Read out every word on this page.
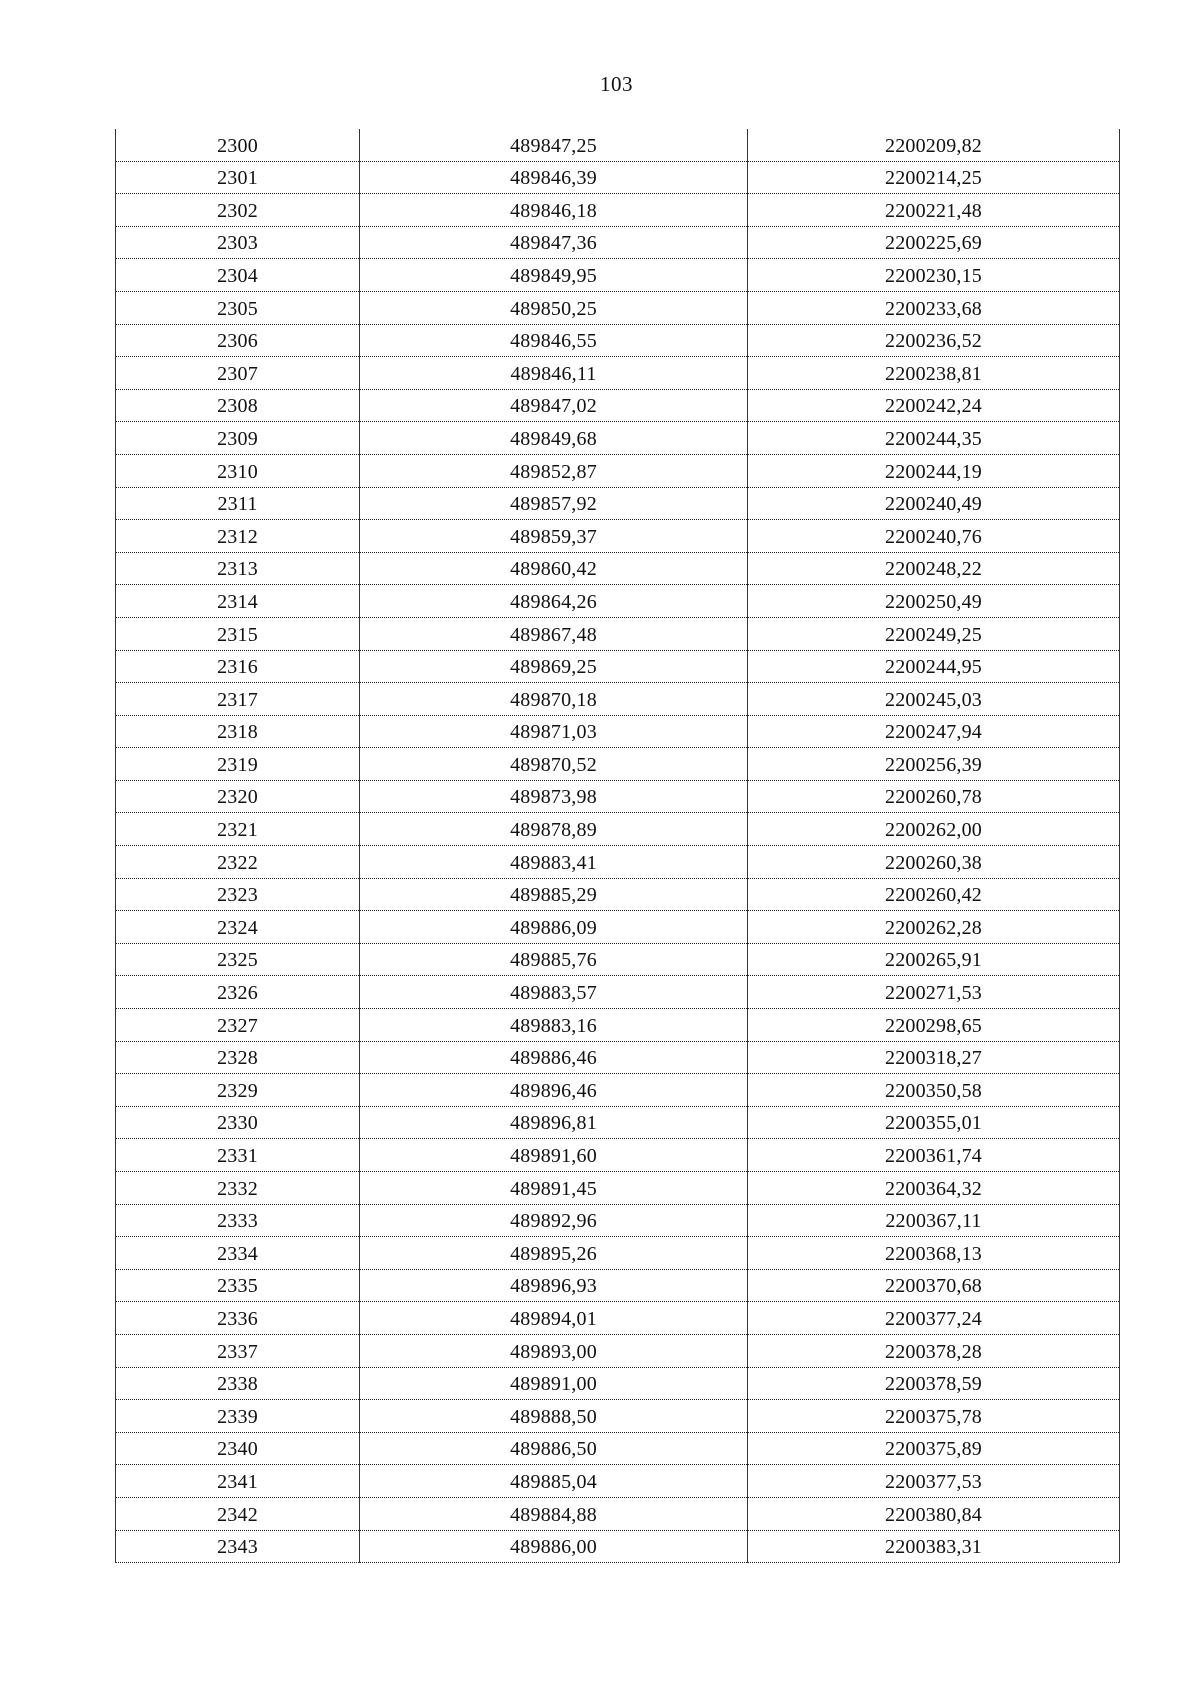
103
2300	489847,25	2200209,82
2301	489846,39	2200214,25
2302	489846,18	2200221,48
2303	489847,36	2200225,69
2304	489849,95	2200230,15
2305	489850,25	2200233,68
2306	489846,55	2200236,52
2307	489846,11	2200238,81
2308	489847,02	2200242,24
2309	489849,68	2200244,35
2310	489852,87	2200244,19
2311	489857,92	2200240,49
2312	489859,37	2200240,76
2313	489860,42	2200248,22
2314	489864,26	2200250,49
2315	489867,48	2200249,25
2316	489869,25	2200244,95
2317	489870,18	2200245,03
2318	489871,03	2200247,94
2319	489870,52	2200256,39
2320	489873,98	2200260,78
2321	489878,89	2200262,00
2322	489883,41	2200260,38
2323	489885,29	2200260,42
2324	489886,09	2200262,28
2325	489885,76	2200265,91
2326	489883,57	2200271,53
2327	489883,16	2200298,65
2328	489886,46	2200318,27
2329	489896,46	2200350,58
2330	489896,81	2200355,01
2331	489891,60	2200361,74
2332	489891,45	2200364,32
2333	489892,96	2200367,11
2334	489895,26	2200368,13
2335	489896,93	2200370,68
2336	489894,01	2200377,24
2337	489893,00	2200378,28
2338	489891,00	2200378,59
2339	489888,50	2200375,78
2340	489886,50	2200375,89
2341	489885,04	2200377,53
2342	489884,88	2200380,84
2343	489886,00	2200383,31
